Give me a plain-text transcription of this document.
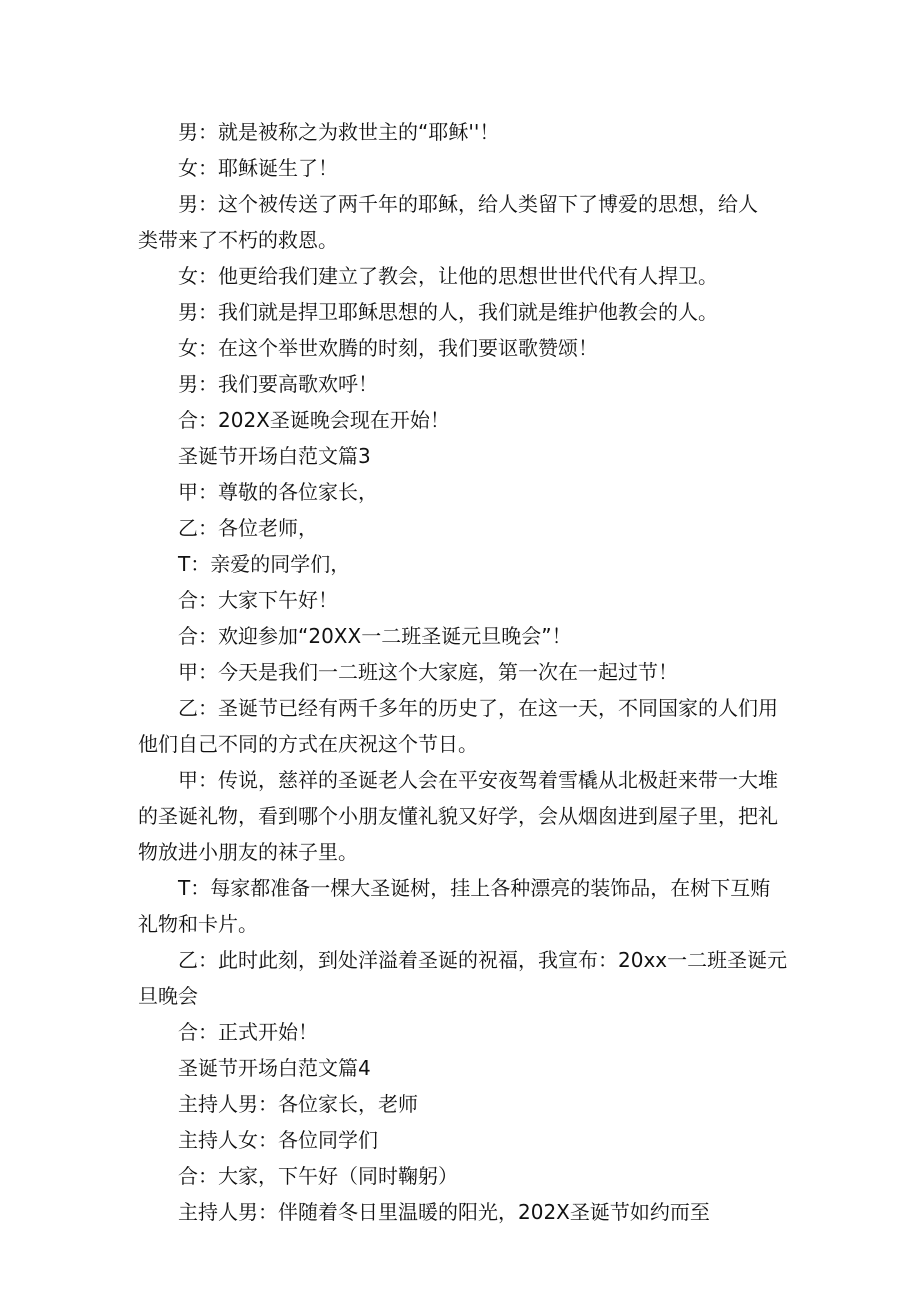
男：就是被称之为救世主的“耶稣''！
女：耶稣诞生了！
男：这个被传送了两千年的耶稣，给人类留下了博爱的思想，给人
类带来了不朽的救恩。
女：他更给我们建立了教会，让他的思想世世代代有人捍卫。
男：我们就是捍卫耶稣思想的人，我们就是维护他教会的人。
女：在这个举世欢腾的时刻，我们要讴歌赞颂！
男：我们要高歌欢呼！
合：202X圣诞晚会现在开始！
圣诞节开场白范文篇3
甲：尊敬的各位家长，
乙：各位老师，
T：亲爱的同学们，
合：大家下午好！
合：欢迎参加“20XX一二班圣诞元旦晚会”！
甲：今天是我们一二班这个大家庭，第一次在一起过节！
乙：圣诞节已经有两千多年的历史了，在这一天，不同国家的人们用
他们自己不同的方式在庆祝这个节日。
甲：传说，慈祥的圣诞老人会在平安夜驾着雪橇从北极赶来带一大堆
的圣诞礼物，看到哪个小朋友懂礼貌又好学，会从烟囱进到屋子里，把礼
物放进小朋友的袜子里。
T：每家都准备一棵大圣诞树，挂上各种漂亮的装饰品，在树下互贿
礼物和卡片。
乙：此时此刻，到处洋溢着圣诞的祝福，我宣布：20xx一二班圣诞元
旦晚会
合：正式开始！
圣诞节开场白范文篇4
主持人男：各位家长，老师
主持人女：各位同学们
合：大家，下午好（同时鞠躬）
主持人男：伴随着冬日里温暖的阳光，202X圣诞节如约而至
